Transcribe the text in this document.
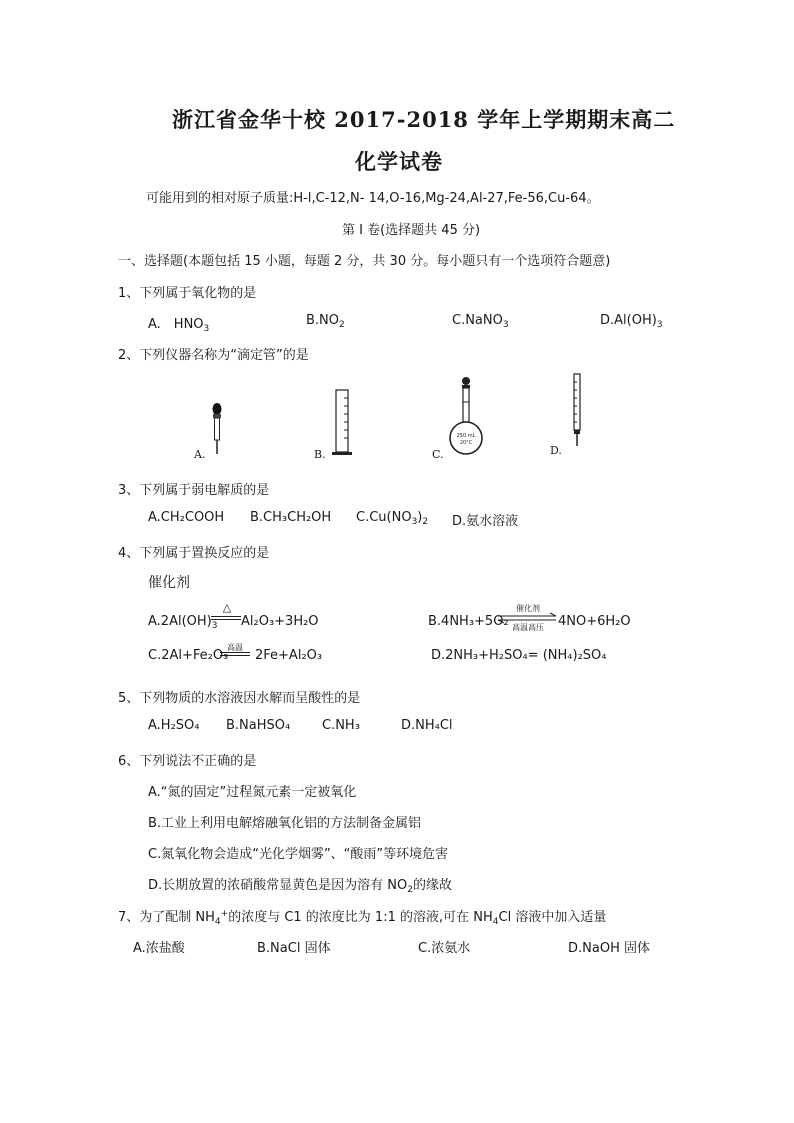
浙江省金华十校 2017-2018 学年上学期期末高二
化学试卷
可能用到的相对原子质量:H-l,C-12,N- 14,O-16,Mg-24,Al-27,Fe-56,Cu-64。
第 I 卷(选择题共 45 分)
一、选择题(本题包括 15 小题，每题 2 分，共 30 分。每小题只有一个选项符合题意)
1、下列属于氧化物的是
A.　$HNO_3$
$B.NO_2$	C.NaNO$_3$	$D.Al(OH)_3$
2、下列仪器名称为“滴定管”的是
A.	B.
250 mL
20°C
C.	D.
3、下列属于弱电解质的是
A.CH₂COOH B.CH₃CH₂OH $C.Cu(NO_3)_2$ D.氨水溶液
4、下列属于置换反应的是
催化剂
$A.2Al(OH)_3$
△
Al₂O₃+3H₂O	B.4NH₃+5O₂
催化剂
高温高压	4NO+6H₂O
C.2Al+Fe₂O₃
高温
2Fe+Al₂O₃	D.2NH₃+H₂SO₄= (NH₄)₂SO₄
5、下列物质的水溶液因水解而呈酸性的是
A.H₂SO₄ B.NaHSO₄ C.NH₃	D.NH₄Cl
6、下列说法不正确的是
A.“氮的固定”过程氮元素一定被氧化
B.工业上利用电解熔融氧化铝的方法制备金属铝
C.氮氧化物会造成“光化学烟雾”、“酸雨”等环境危害
D.长期放置的浓硝酸常显黄色是因为溶有 $NO_2$的缘故
7、为了配制 $NH_4^+$的浓度与 C1 的浓度比为 1:1 的溶液,可在 $NH_4Cl$ 溶液中加入适量
A.浓盐酸	B.NaCl 固体	C.浓氨水	D.NaOH 固体
